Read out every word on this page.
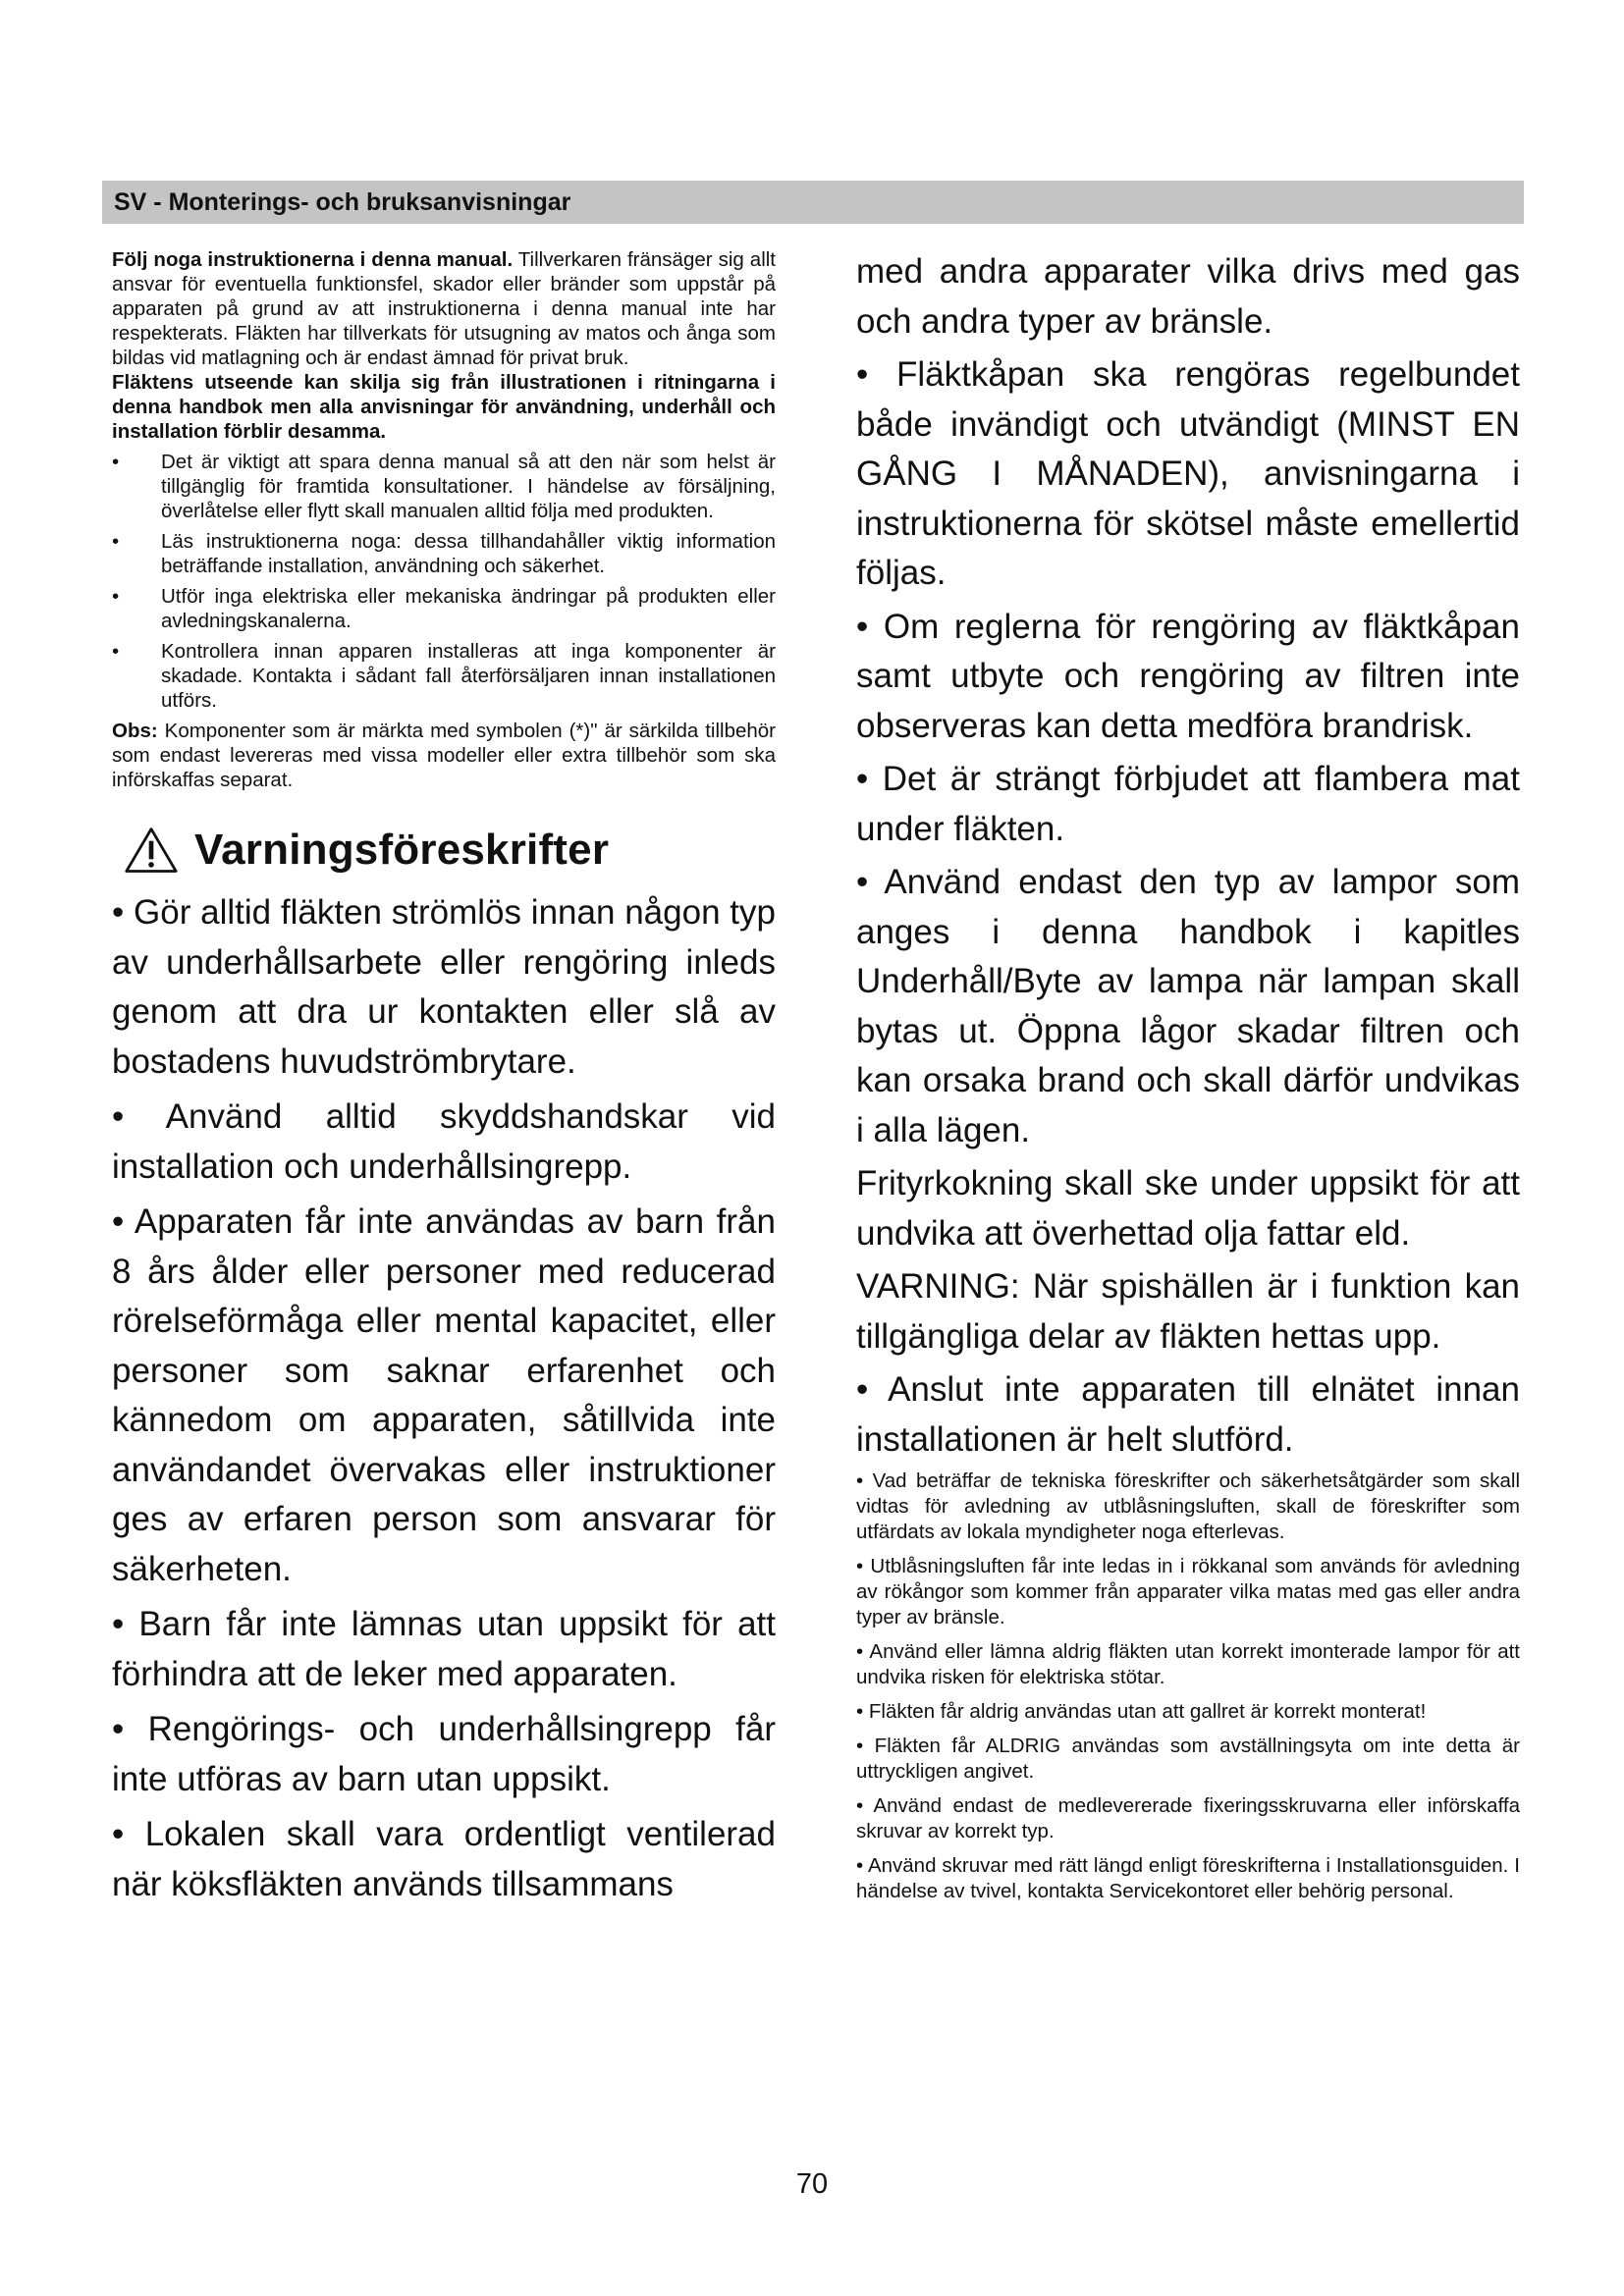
SV - Monterings- och bruksanvisningar

Följ noga instruktionerna i denna manual. Tillverkaren fränsäger sig allt ansvar för eventuella funktionsfel, skador eller bränder som uppstår på apparaten på grund av att instruktionerna i denna manual inte har respekterats. Fläkten har tillverkats för utsugning av matos och ånga som bildas vid matlagning och är endast ämnad för privat bruk.

Fläktens utseende kan skilja sig från illustrationen i ritningarna i denna handbok men alla anvisningar för användning, underhåll och installation förblir desamma.

• Det är viktigt att spara denna manual så att den när som helst är tillgänglig för framtida konsultationer. I händelse av försäljning, överlåtelse eller flytt skall manualen alltid följa med produkten.
• Läs instruktionerna noga: dessa tillhandahåller viktig information beträffande installation, användning och säkerhet.
• Utför inga elektriska eller mekaniska ändringar på produkten eller avledningskanalerna.
• Kontrollera innan apparen installeras att inga komponenter är skadade. Kontakta i sådant fall återförsäljaren innan installationen utförs.

Obs: Komponenter som är märkta med symbolen (*)" är särkilda tillbehör som endast levereras med vissa modeller eller extra tillbehör som ska införskaffas separat.

Varningsföreskrifter

• Gör alltid fläkten strömlös innan någon typ av underhållsarbete eller rengöring inleds genom att dra ur kontakten eller slå av bostadens huvudströmbrytare.

• Använd alltid skyddshandskar vid installation och underhållsingrepp.

• Apparaten får inte användas av barn från 8 års ålder eller personer med reducerad rörelseförmåga eller mental kapacitet, eller personer som saknar erfarenhet och kännedom om apparaten, såtillvida inte användandet övervakas eller instruktioner ges av erfaren person som ansvarar för säkerheten.

• Barn får inte lämnas utan uppsikt för att förhindra att de leker med apparaten.

• Rengörings- och underhållsingrepp får inte utföras av barn utan uppsikt.

• Lokalen skall vara ordentligt ventilerad när köksfläkten används tillsammans

med andra apparater vilka drivs med gas och andra typer av bränsle.

• Fläktkåpan ska rengöras regelbundet både invändigt och utvändigt (MINST EN GÅNG I MÅNADEN), anvisningarna i instruktionerna för skötsel måste emellertid följas.

• Om reglerna för rengöring av fläktkåpan samt utbyte och rengöring av filtren inte observeras kan detta medföra brandrisk.

• Det är strängt förbjudet att flambera mat under fläkten.

• Använd endast den typ av lampor som anges i denna handbok i kapitles Underhåll/Byte av lampa när lampan skall bytas ut. Öppna lågor skadar filtren och kan orsaka brand och skall därför undvikas i alla lägen.

Frityrkokning skall ske under uppsikt för att undvika att överhettad olja fattar eld.

VARNING: När spishällen är i funktion kan tillgängliga delar av fläkten hettas upp.

• Anslut inte apparaten till elnätet innan installationen är helt slutförd.

• Vad beträffar de tekniska föreskrifter och säkerhetsåtgärder som skall vidtas för avledning av utblåsningsluften, skall de föreskrifter som utfärdats av lokala myndigheter noga efterlevas.

• Utblåsningsluften får inte ledas in i rökkanal som används för avledning av rökångor som kommer från apparater vilka matas med gas eller andra typer av bränsle.

• Använd eller lämna aldrig fläkten utan korrekt imonterade lampor för att undvika risken för elektriska stötar.

• Fläkten får aldrig användas utan att gallret är korrekt monterat!

• Fläkten får ALDRIG användas som avställningsyta om inte detta är uttryckligen angivet.

• Använd endast de medlevererade fixeringsskruvarna eller införskaffa skruvar av korrekt typ.

• Använd skruvar med rätt längd enligt föreskrifterna i Installationsguiden. I händelse av tvivel, kontakta Servicekontoret eller behörig personal.

70
